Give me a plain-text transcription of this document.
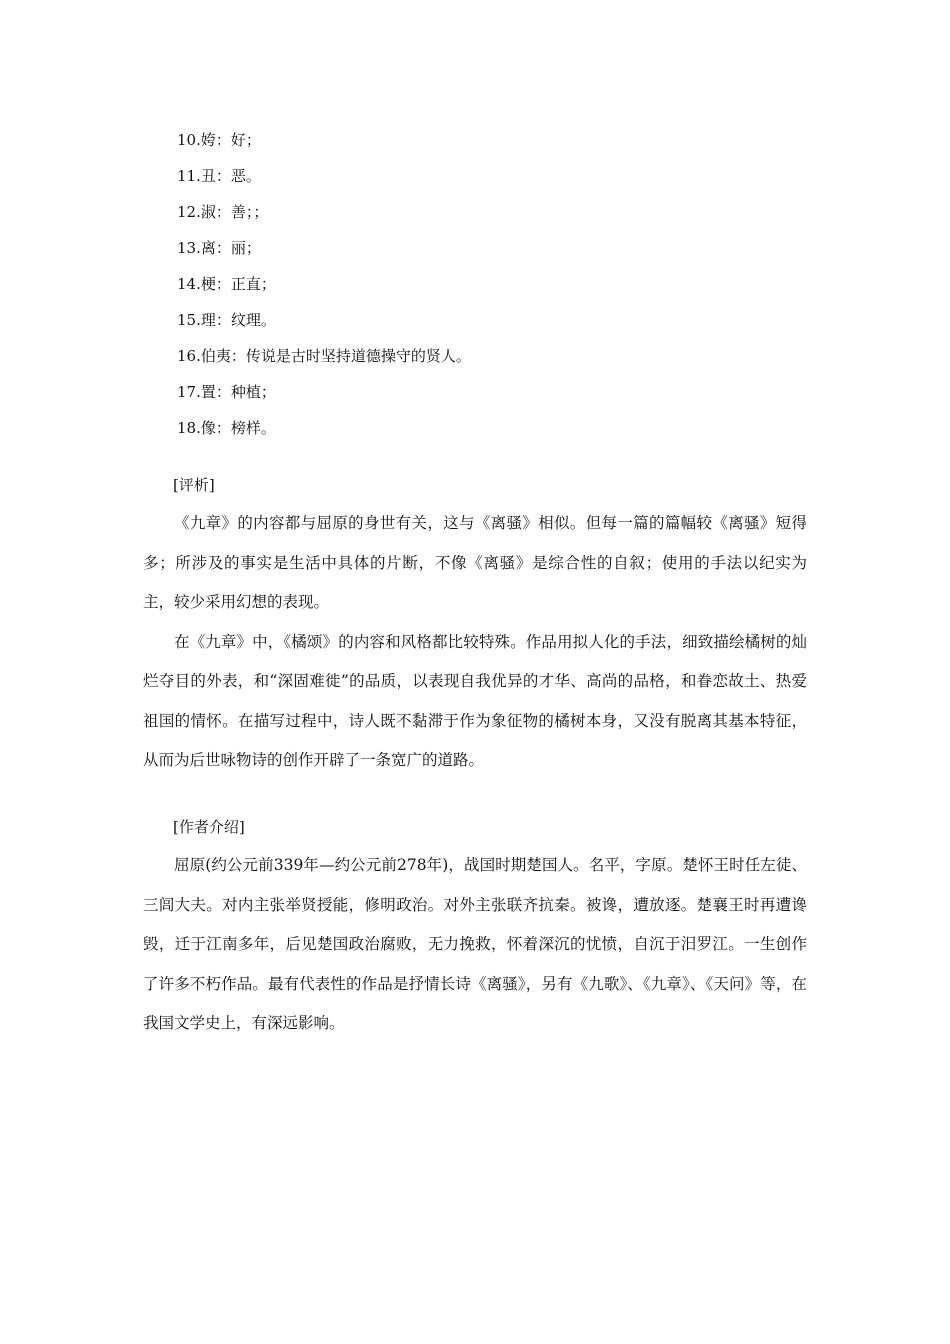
10.姱：好；
11.丑：恶。
12.淑：善；；
13.离：丽；
14.梗：正直；
15.理：纹理。
16.伯夷：传说是古时坚持道德操守的贤人。
17.置：种植；
18.像：榜样。
[评析]

《九章》的内容都与屈原的身世有关，这与《离骚》相似。但每一篇的篇幅较《离骚》短得多；所涉及的事实是生活中具体的片断，不像《离骚》是综合性的自叙；使用的手法以纪实为主，较少采用幻想的表现。

在《九章》中，《橘颂》的内容和风格都比较特殊。作品用拟人化的手法，细致描绘橘树的灿烂夺目的外表，和“深固难徙”的品质，以表现自我优异的才华、高尚的品格，和眷恋故土、热爱祖国的情怀。在描写过程中，诗人既不黏滞于作为象征物的橘树本身，又没有脱离其基本特征，从而为后世咏物诗的创作开辟了一条宽广的道路。

[作者介绍]

屈原(约公元前339年—约公元前278年)，战国时期楚国人。名平，字原。楚怀王时任左徒、三闾大夫。对内主张举贤授能，修明政治。对外主张联齐抗秦。被谗，遭放逐。楚襄王时再遭谗毁，迁于江南多年，后见楚国政治腐败，无力挽救，怀着深沉的忧愤，自沉于汨罗江。一生创作了许多不朽作品。最有代表性的作品是抒情长诗《离骚》，另有《九歌》、《九章》、《天问》等，在我国文学史上，有深远影响。
